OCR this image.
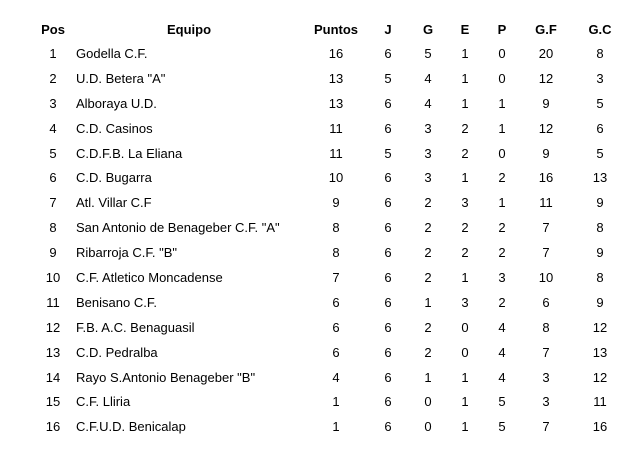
Pos	Equipo	Puntos	J	G	E	P	G.F	G.C
1	Godella C.F.	16	6	5	1	0	20	8
2	U.D. Betera "A"	13	5	4	1	0	12	3
3	Alboraya U.D.	13	6	4	1	1	9	5
4	C.D. Casinos	11	6	3	2	1	12	6
5	C.D.F.B. La Eliana	11	5	3	2	0	9	5
6	C.D. Bugarra	10	6	3	1	2	16	13
7	Atl. Villar C.F	9	6	2	3	1	11	9
8	San Antonio de Benageber C.F. "A"	8	6	2	2	2	7	8
9	Ribarroja C.F. "B"	8	6	2	2	2	7	9
10	C.F. Atletico Moncadense	7	6	2	1	3	10	8
11	Benisano C.F.	6	6	1	3	2	6	9
12	F.B. A.C. Benaguasil	6	6	2	0	4	8	12
13	C.D. Pedralba	6	6	2	0	4	7	13
14	Rayo S.Antonio Benageber "B"	4	6	1	1	4	3	12
15	C.F. Lliria	1	6	0	1	5	3	11
16	C.F.U.D. Benicalap	1	6	0	1	5	7	16
